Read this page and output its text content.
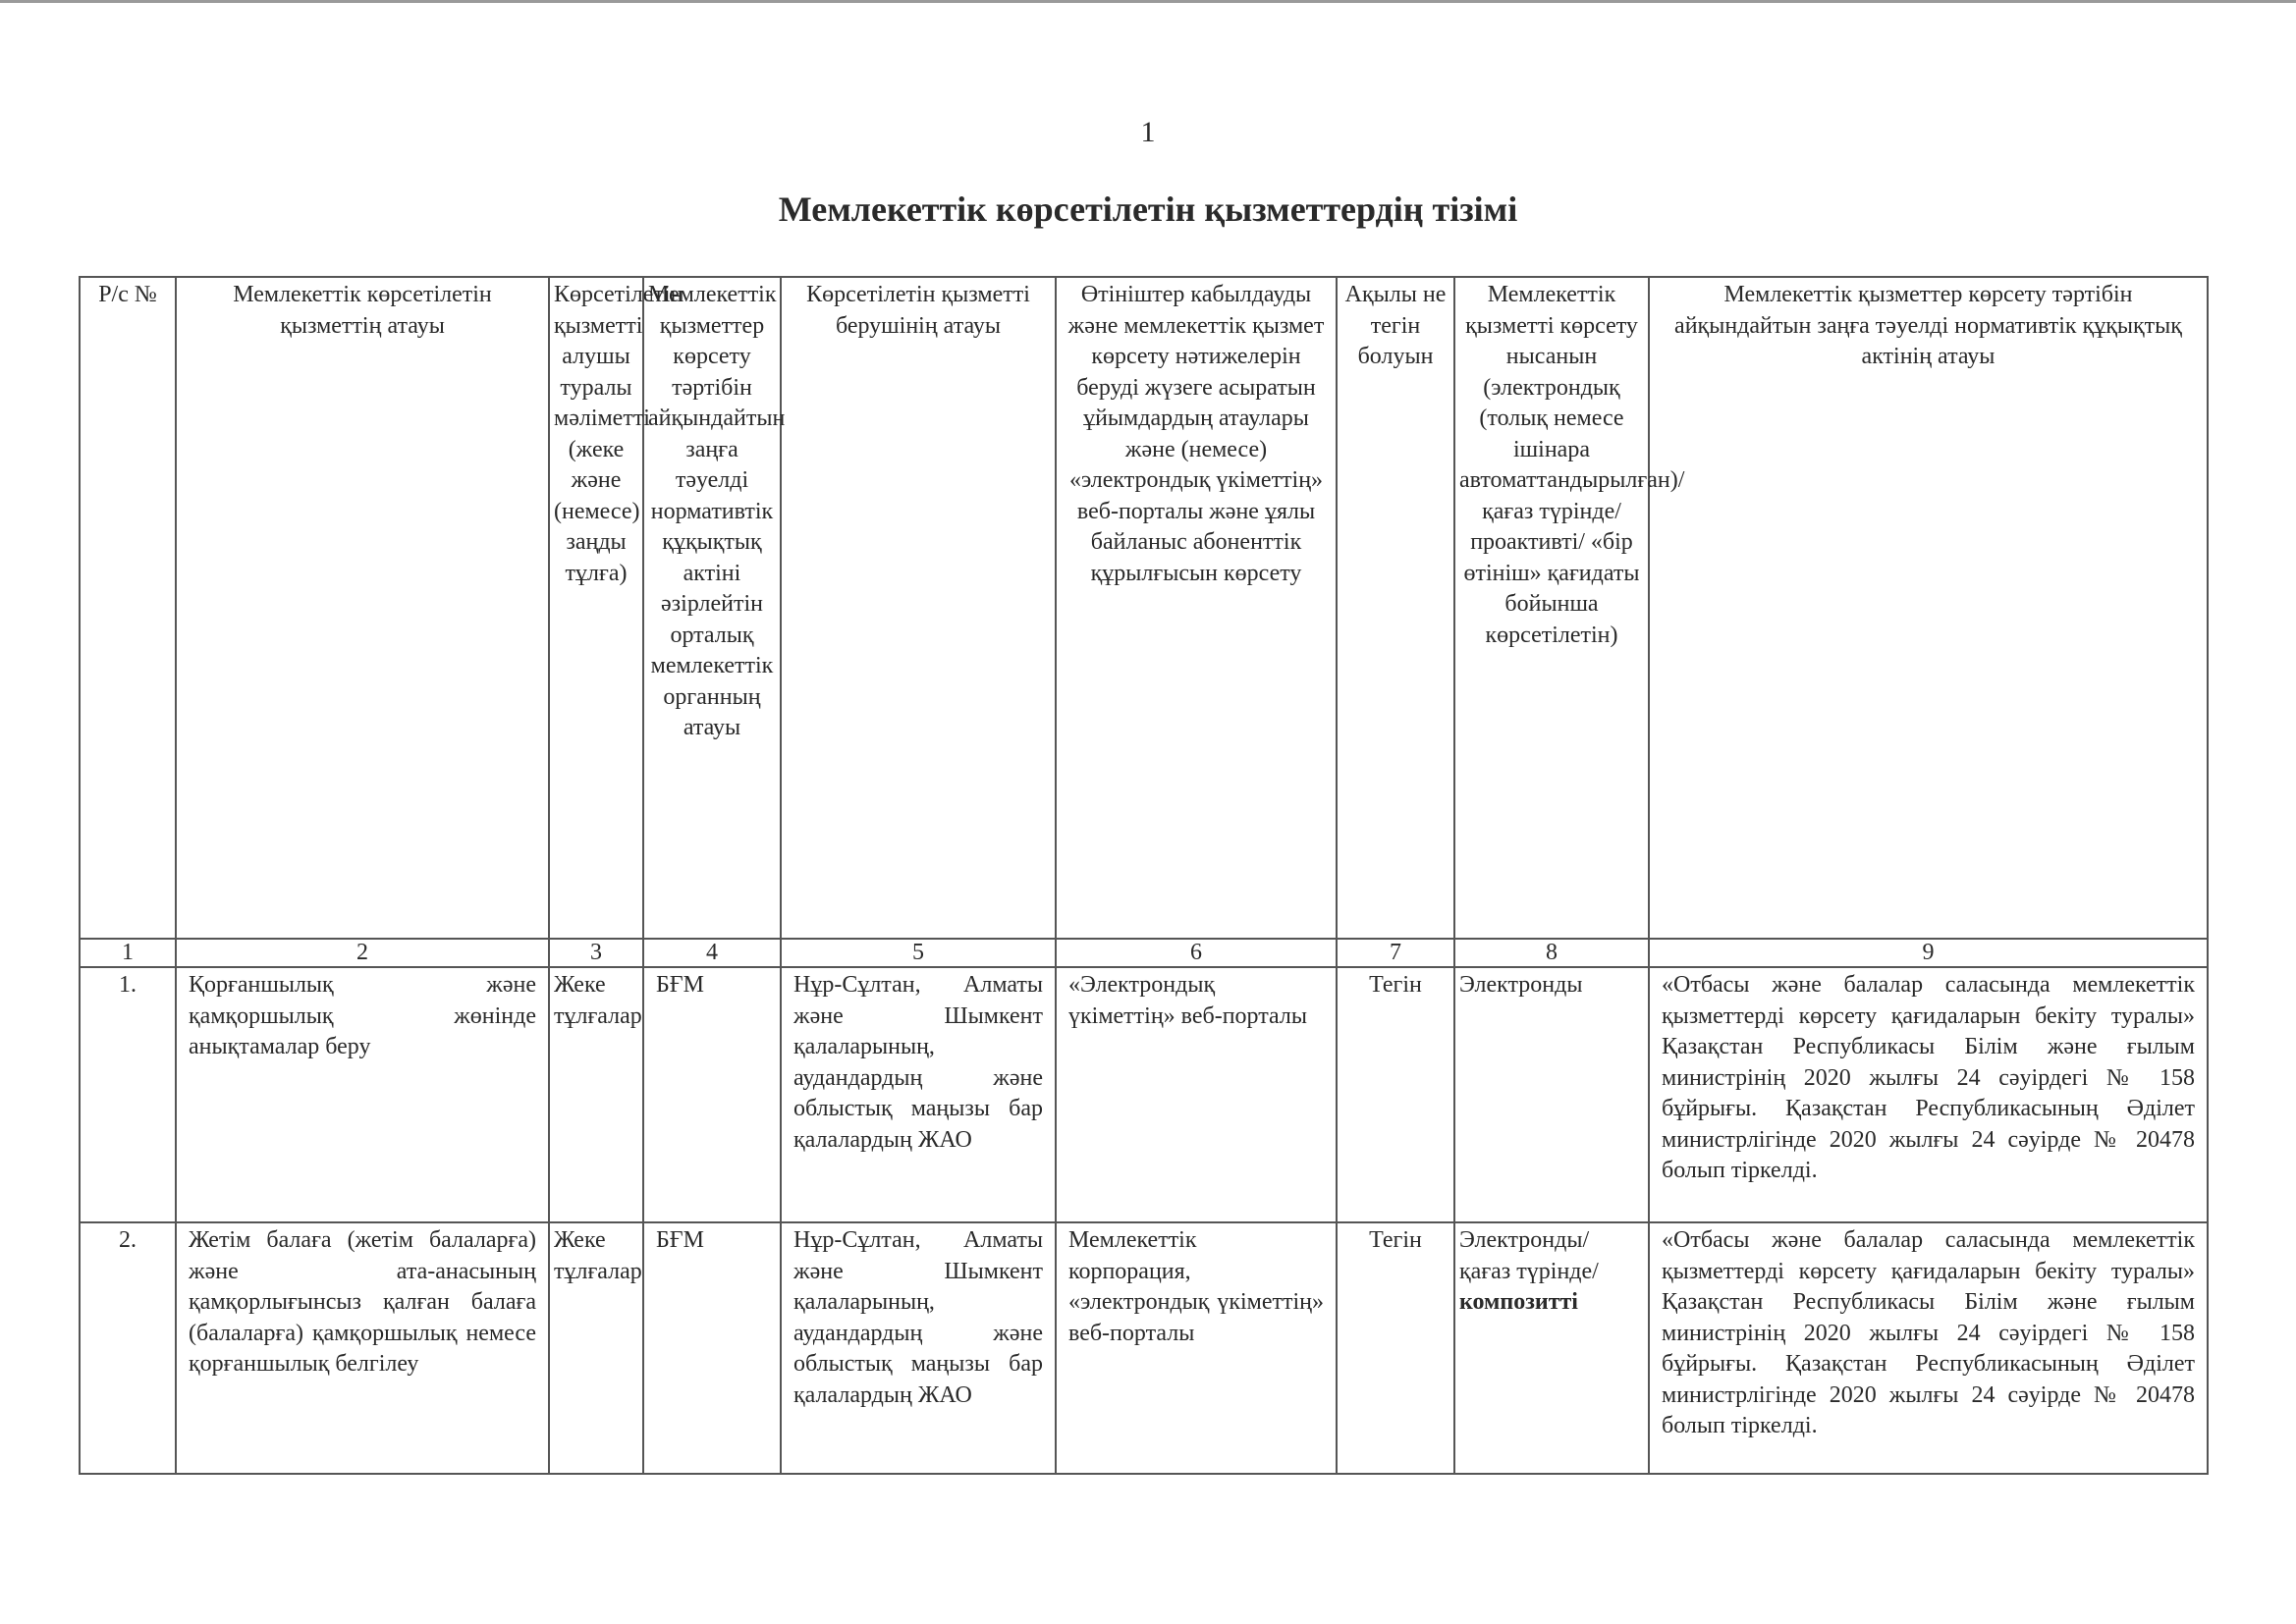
1
Мемлекеттік көрсетілетін қызметтердің тізімі
Р/с №	Мемлекеттік көрсетілетін қызметтің атауы	Көрсетілетін қызметті алушы туралы мәліметті (жеке және (немесе) заңды тұлға)	Мемлекеттік қызметтер көрсету тәртібін айқындайтын заңға тәуелді нормативтік құқықтық актіні әзірлейтін орталық мемлекеттік органның атауы	Көрсетілетін қызметті берушінің атауы	Өтініштер кабылдауды және мемлекеттік қызмет көрсету нәтижелерін беруді жүзеге асыратын ұйымдардың атаулары және (немесе) «электрондық үкіметтің» веб-порталы және ұялы байланыс абоненттік құрылғысын көрсету	Ақылы не тегін болуын	Мемлекеттік қызметті көрсету нысанын (электрондық (толық немесе ішінара автоматтандырылған)/ қағаз түрінде/ проактивті/ «бір өтініш» қағидаты бойынша көрсетілетін)	Мемлекеттік қызметтер көрсету тәртібін айқындайтын заңға тәуелді нормативтік құқықтық актінің атауы
1	2	3	4	5	6	7	8	9
1.	Қорғаншылық және қамқоршылық жөнінде анықтамалар беру	Жеке тұлғалар	БҒМ	Нұр-Сұлтан, Алматы және Шымкент қалаларының, аудандардың және облыстық маңызы бар қалалардың ЖАО	«Электрондық үкіметтің» веб-порталы	Тегін	Электронды	«Отбасы және балалар саласында мемлекеттік қызметтерді көрсету қағидаларын бекіту туралы» Қазақстан Республикасы Білім және ғылым министрінің 2020 жылғы 24 сәуірдегі № 158 бұйрығы. Қазақстан Республикасының Әділет министрлігінде 2020 жылғы 24 сәуірде № 20478 болып тіркелді.
2.	Жетім балаға (жетім балаларға) және ата-анасының қамқорлығынсыз қалған балаға (балаларға) қамқоршылық немесе қорғаншылық белгілеу	Жеке тұлғалар	БҒМ	Нұр-Сұлтан, Алматы және Шымкент қалаларының, аудандардың және облыстық маңызы бар қалалардың ЖАО	Мемлекеттік корпорация, «электрондық үкіметтің» веб-порталы	Тегін	Электронды/ қағаз түрінде/композитті	«Отбасы және балалар саласында мемлекеттік қызметтерді көрсету қағидаларын бекіту туралы» Қазақстан Республикасы Білім және ғылым министрінің 2020 жылғы 24 сәуірдегі № 158 бұйрығы. Қазақстан Республикасының Әділет министрлігінде 2020 жылғы 24 сәуірде № 20478 болып тіркелді.
